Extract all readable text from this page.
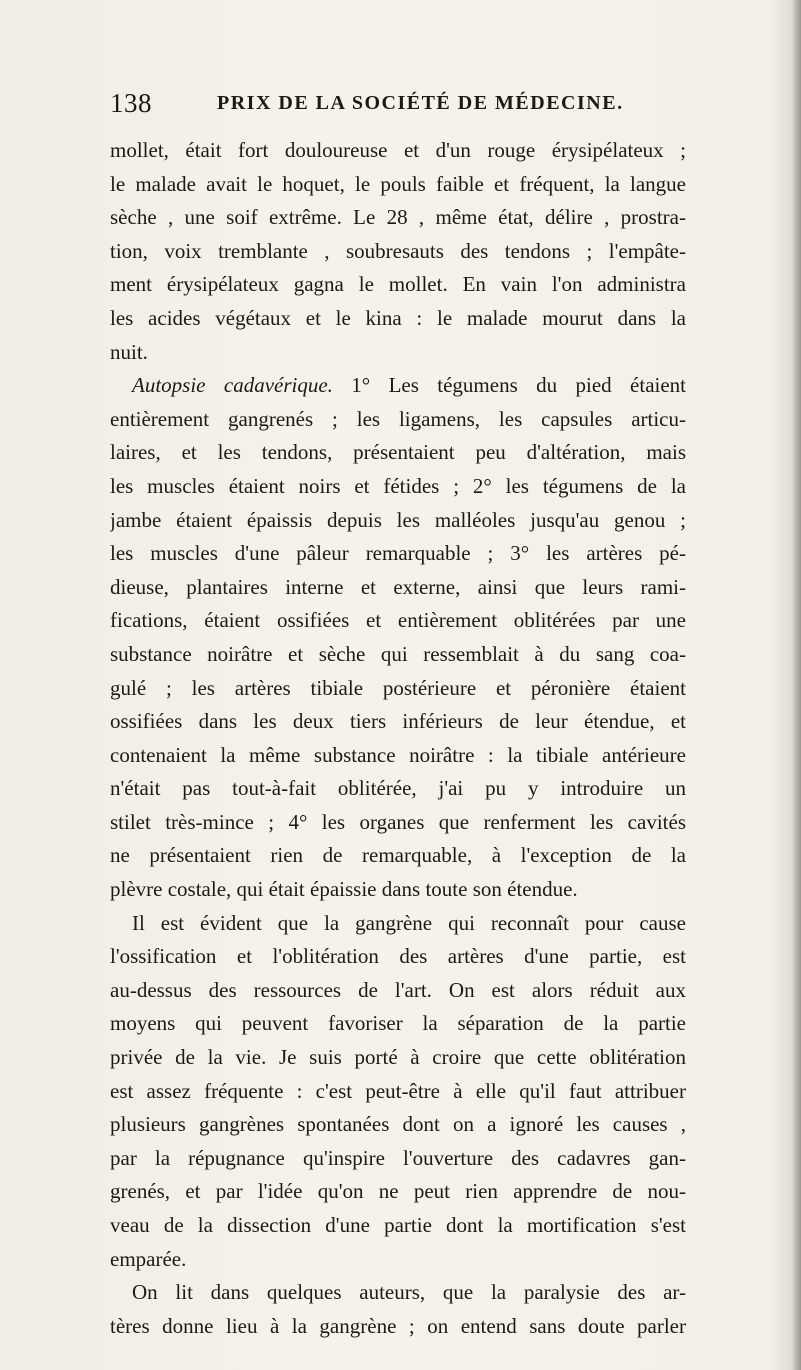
138	PRIX DE LA SOCIÉTÉ DE MÉDECINE.
mollet, était fort douloureuse et d'un rouge érysipélateux ;
le malade avait le hoquet, le pouls faible et fréquent, la langue
sèche , une soif extrême. Le 28 , même état, délire , prostra-
tion, voix tremblante , soubresauts des tendons ; l'empâte-
ment érysipélateux gagna le mollet. En vain l'on administra
les acides végétaux et le kina : le malade mourut dans la
nuit.
Autopsie cadavérique. 1° Les tégumens du pied étaient
entièrement gangrenés ; les ligamens, les capsules articu-
laires, et les tendons, présentaient peu d'altération, mais
les muscles étaient noirs et fétides ; 2° les tégumens de la
jambe étaient épaissis depuis les malléoles jusqu'au genou ;
les muscles d'une pâleur remarquable ; 3° les artères pé-
dieuse, plantaires interne et externe, ainsi que leurs rami-
fications, étaient ossifiées et entièrement oblitérées par une
substance noirâtre et sèche qui ressemblait à du sang coa-
gulé ; les artères tibiale postérieure et péronière étaient
ossifiées dans les deux tiers inférieurs de leur étendue, et
contenaient la même substance noirâtre : la tibiale antérieure
n'était pas tout-à-fait oblitérée, j'ai pu y introduire un
stilet très-mince ; 4° les organes que renferment les cavités
ne présentaient rien de remarquable, à l'exception de la
plèvre costale, qui était épaissie dans toute son étendue.
Il est évident que la gangrène qui reconnaît pour cause
l'ossification et l'oblitération des artères d'une partie, est
au-dessus des ressources de l'art. On est alors réduit aux
moyens qui peuvent favoriser la séparation de la partie
privée de la vie. Je suis porté à croire que cette oblitération
est assez fréquente : c'est peut-être à elle qu'il faut attribuer
plusieurs gangrènes spontanées dont on a ignoré les causes ,
par la répugnance qu'inspire l'ouverture des cadavres gan-
grenés, et par l'idée qu'on ne peut rien apprendre de nou-
veau de la dissection d'une partie dont la mortification s'est
emparée.
On lit dans quelques auteurs, que la paralysie des ar-
tères donne lieu à la gangrène ; on entend sans doute parler
